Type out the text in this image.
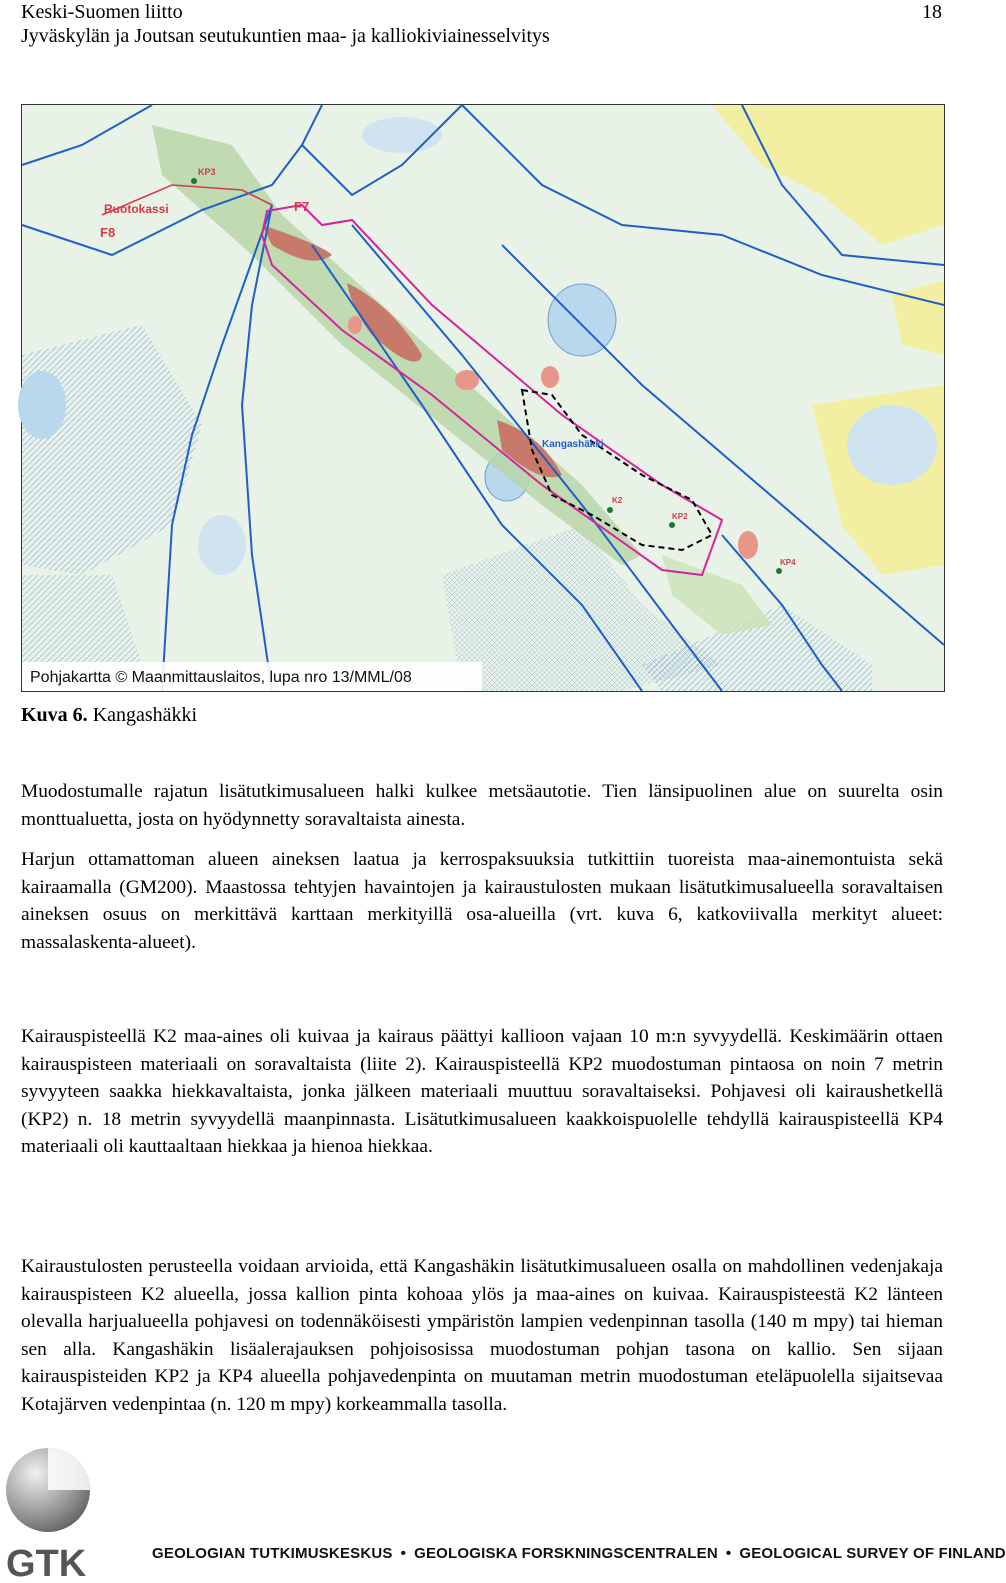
Keski-Suomen liitto
Jyväskylän ja Joutsan seutukuntien maa- ja kalliokiviainesselvitys
18
KP3
Ruotokassi	F7
F8
Kangashäkki
K2
KP2
KP4
Pohjakartta © Maanmittauslaitos, lupa nro 13/MML/08
Kuva 6. Kangashäkki

Muodostumalle rajatun lisätutkimusalueen halki kulkee metsäautotie. Tien länsipuolinen alue on suurelta osin monttualuetta, josta on hyödynnetty soravaltaista ainesta.

Harjun ottamattoman alueen aineksen laatua ja kerrospaksuuksia tutkittiin tuoreista maa-ainemontuista sekä kairaamalla (GM200). Maastossa tehtyjen havaintojen ja kairaustulosten mukaan lisätutkimusalueella soravaltaisen aineksen osuus on merkittävä karttaan merkityillä osa-alueilla (vrt. kuva 6, katkoviivalla merkityt alueet: massalaskenta-alueet).

Kairauspisteellä K2 maa-aines oli kuivaa ja kairaus päättyi kallioon vajaan 10 m:n syvyydellä. Keskimäärin ottaen kairauspisteen materiaali on soravaltaista (liite 2). Kairauspisteellä KP2 muodostuman pintaosa on noin 7 metrin syvyyteen saakka hiekkavaltaista, jonka jälkeen materiaali muuttuu soravaltaiseksi. Pohjavesi oli kairaushetkellä (KP2) n. 18 metrin syvyydellä maanpinnasta. Lisätutkimusalueen kaakkoispuolelle tehdyllä kairauspisteellä KP4 materiaali oli kauttaaltaan hiekkaa ja hienoa hiekkaa.

Kairaustulosten perusteella voidaan arvioida, että Kangashäkin lisätutkimusalueen osalla on mahdollinen vedenjakaja kairauspisteen K2 alueella, jossa kallion pinta kohoaa ylös ja maa-aines on kuivaa. Kairauspisteestä K2 länteen olevalla harjualueella pohjavesi on todennäköisesti ympäristön lampien vedenpinnan tasolla (140 m mpy) tai hieman sen alla. Kangashäkin lisäalerajauksen pohjoisosissa muodostuman pohjan tasona on kallio. Sen sijaan kairauspisteiden KP2 ja KP4 alueella pohjavedenpinta on muutaman metrin muodostuman eteläpuolella sijaitsevaa Kotajärven vedenpintaa (n. 120 m mpy) korkeammalla tasolla.

GTK	GEOLOGIAN TUTKIMUSKESKUS • GEOLOGISKA FORSKNINGSCENTRALEN • GEOLOGICAL SURVEY OF FINLAND
